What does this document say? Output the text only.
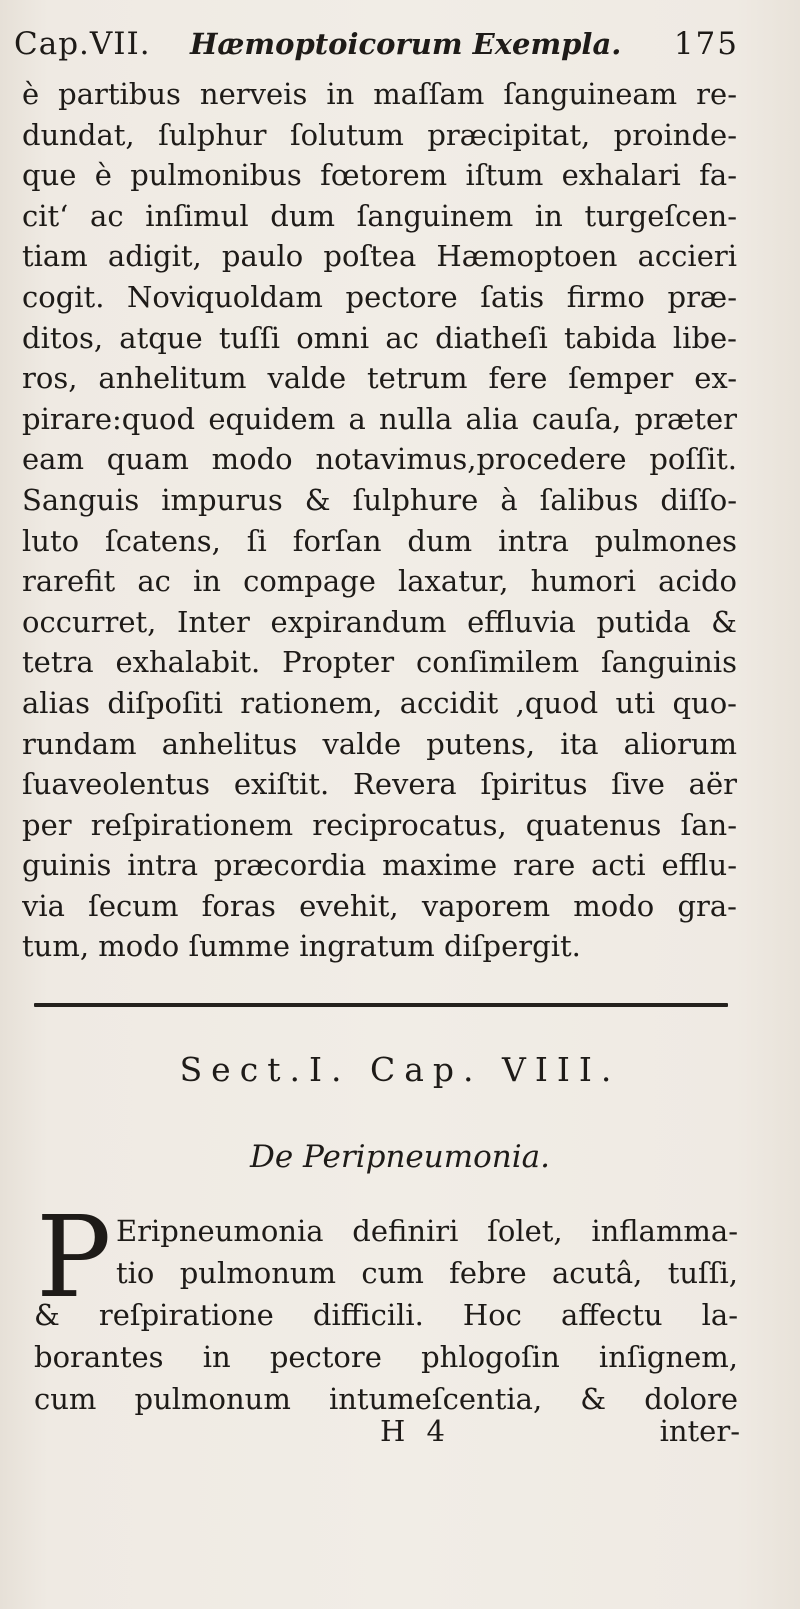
Cap.VII. Hæmoptoicorum Exempla. 175
è partibus nerveis in maſſam ſanguineam re-
dundat, ſulphur ſolutum præcipitat, proinde-
que è pulmonibus fœtorem iſtum exhalari fa-
cit‘ ac inſimul dum ſanguinem in turgeſcen-
tiam adigit, paulo poſtea Hæmoptoen accieri
cogit. Noviquoldam pectore ſatis firmo præ-
ditos, atque tuſſi omni ac diatheſi tabida libe-
ros, anhelitum valde tetrum fere ſemper ex-
pirare:quod equidem a nulla alia cauſa, præter
eam quam modo notavimus,procedere poſſit.
Sanguis impurus & ſulphure à ſalibus diſſo-
luto ſcatens, ſi forſan dum intra pulmones
rarefit ac in compage laxatur, humori acido
occurret, Inter expirandum effluvia putida &
tetra exhalabit. Propter conſimilem ſanguinis
alias diſpoſiti rationem, accidit ,quod uti quo-
rundam anhelitus valde putens, ita aliorum
ſuaveolentus exiſtit. Revera ſpiritus ſive aër
per reſpirationem reciprocatus, quatenus ſan-
guinis intra præcordia maxime rare acti efflu-
via ſecum foras evehit, vaporem modo gra-
tum, modo ſumme ingratum diſpergit.
Sect.I. Cap. VIII.
De Peripneumonia.
P Eripneumonia definiri ſolet, inflamma-
tio pulmonum cum febre acutâ, tuſſi,
& reſpiratione difficili. Hoc affectu la-
borantes in pectore phlogoſin inſignem,
cum pulmonum intumeſcentia, & dolore
H 4	inter-
